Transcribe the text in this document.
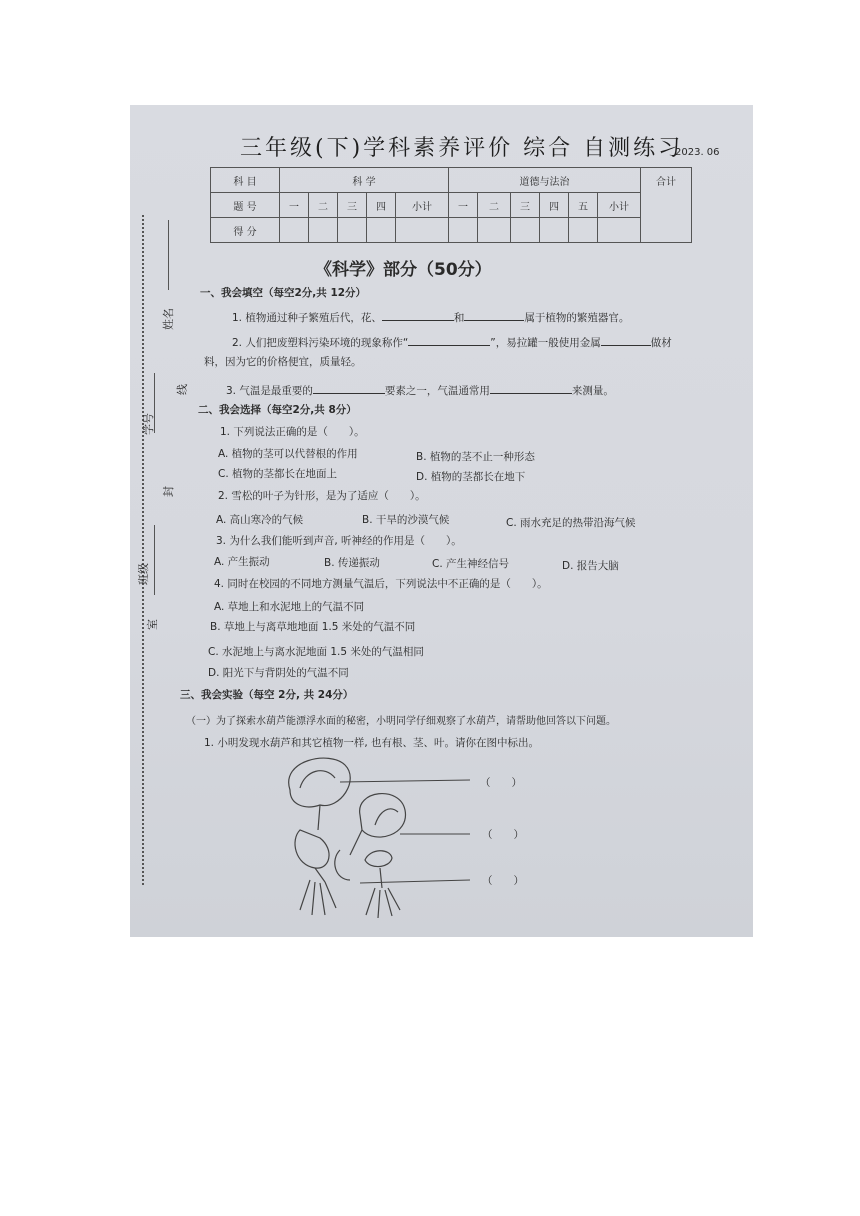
姓名
线
学号
封
班级
室
三年级(下)学科素养评价 综合 自测练习
2023. 06
科 目	科 学					道德与法治						合计
题 号	一	二	三	四	小计	一	二	三	四	五	小计	
得 分												
《科学》部分（50分）
一、我会填空（每空2分,共 12分）
1. 植物通过种子繁殖后代，花、	和	属于植物的繁殖器官。
2. 人们把废塑料污染环境的现象称作“	”，易拉罐一般使用金属	做材
料，因为它的价格便宜，质量轻。
3. 气温是最重要的	要素之一，气温通常用	来测量。
二、我会选择（每空2分,共 8分）
1. 下列说法正确的是（　　）。
A. 植物的茎可以代替根的作用	B. 植物的茎不止一种形态
C. 植物的茎都长在地面上	D. 植物的茎都长在地下
2. 雪松的叶子为针形，是为了适应（　　）。
A. 高山寒冷的气候	B. 干旱的沙漠气候	C. 雨水充足的热带沿海气候
3. 为什么我们能听到声音, 听神经的作用是（　　）。
A. 产生振动	B. 传递振动	C. 产生神经信号	D. 报告大脑
4. 同时在校园的不同地方测量气温后，下列说法中不正确的是（　　）。
A. 草地上和水泥地上的气温不同
B. 草地上与离草地地面 1.5 米处的气温不同
C. 水泥地上与离水泥地面 1.5 米处的气温相同
D. 阳光下与背阴处的气温不同
三、我会实验（每空 2分, 共 24分）
（一）为了探索水葫芦能漂浮水面的秘密，小明同学仔细观察了水葫芦，请帮助他回答以下问题。
1. 小明发现水葫芦和其它植物一样, 也有根、茎、叶。请你在图中标出。
（　　）
（　　）
（　　）
